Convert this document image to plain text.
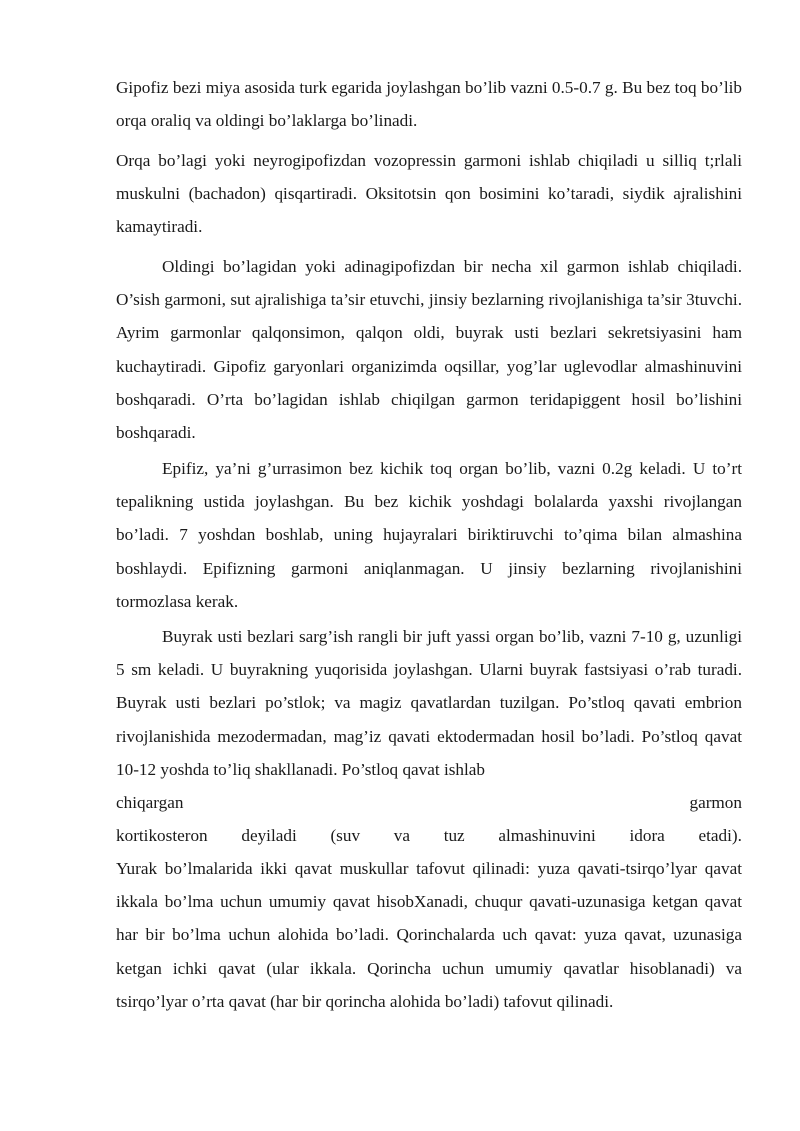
Gipofiz bezi miya asosida turk egarida joylashgan bo’lib vazni 0.5-0.7 g. Bu bez toq bo’lib orqa oraliq va oldingi bo’laklarga bo’linadi.

Orqa bo’lagi yoki neyrogipofizdan vozopressin garmoni ishlab chiqiladi u silliq t;rlali muskulni (bachadon) qisqartiradi. Oksitotsin qon bosimini ko’taradi, siydik ajralishini kamaytiradi.

Oldingi bo’lagidan yoki adinagipofizdan bir necha xil garmon ishlab chiqiladi. O’sish garmoni, sut ajralishiga ta’sir etuvchi, jinsiy bezlarning rivojlanishiga ta’sir 3tuvchi. Ayrim garmonlar qalqonsimon, qalqon oldi, buyrak usti bezlari sekretsiyasini ham kuchaytiradi. Gipofiz garyonlari organizimda oqsillar, yog’lar uglevodlar almashinuvini boshqaradi. O’rta bo’lagidan ishlab chiqilgan garmon teridapiggent hosil bo’lishini boshqaradi.

Epifiz, ya’ni g’urrasimon bez kichik toq organ bo’lib, vazni 0.2g keladi. U to’rt tepalikning ustida joylashgan. Bu bez kichik yoshdagi bolalarda yaxshi rivojlangan bo’ladi. 7 yoshdan boshlab, uning hujayralari biriktiruvchi to’qima bilan almashina boshlaydi. Epifizning garmoni aniqlanmagan. U jinsiy bezlarning rivojlanishini tormozlasa kerak.

Buyrak usti bezlari sarg’ish rangli bir juft yassi organ bo’lib, vazni 7-10 g, uzunligi 5 sm keladi. U buyrakning yuqorisida joylashgan. Ularni buyrak fastsiyasi o’rab turadi. Buyrak usti bezlari po’stlok; va magiz qavatlardan tuzilgan. Po’stloq qavati embrion rivojlanishida mezodermadan, mag’iz qavati ektodermadan hosil bo’ladi. Po’stloq qavat 10-12 yoshda to’liq shakllanadi. Po’stloq qavat ishlab

chiqargan	garmon
kortikosteron deyiladi (suv va tuz almashinuvini idora etadi).

Yurak bo’lmalarida ikki qavat muskullar tafovut qilinadi: yuza qavati-tsirqo’lyar qavat ikkala bo’lma uchun umumiy qavat hisobXanadi, chuqur qavati-uzunasiga ketgan qavat har bir bo’lma uchun alohida bo’ladi. Qorinchalarda uch qavat: yuza qavat, uzunasiga ketgan ichki qavat (ular ikkala. Qorincha uchun umumiy qavatlar hisoblanadi) va tsirqo’lyar o’rta qavat (har bir qorincha alohida bo’ladi) tafovut qilinadi.
